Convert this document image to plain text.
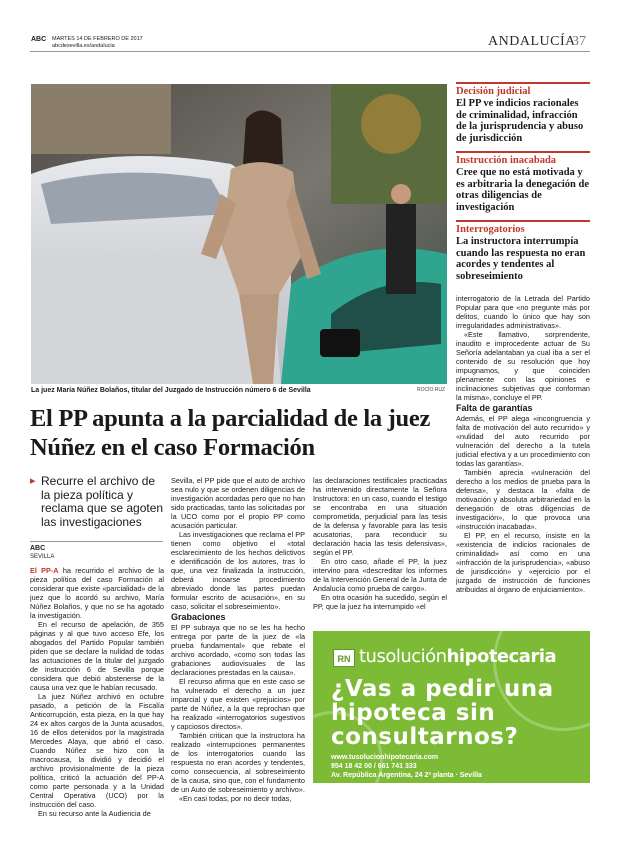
ABC MARTES 14 DE FEBRERO DE 2017
abcdesevilla.es/andalucia	ANDALUCÍA
37
La juez María Núñez Bolaños, titular del Juzgado de Instrucción número 6 de Sevilla	ROCÍO RUZ
Decisión judicial
El PP ve indicios racionales de criminalidad, infracción de la jurisprudencia y abuso de jurisdicción
Instrucción inacabada
Cree que no está motivada y es arbitraria la denegación de otras diligencias de investigación
Interrogatorios
La instructora interrumpía cuando las respuesta no eran acordes y tendentes al sobreseimiento
El PP apunta a la parcialidad de la juez Núñez en el caso Formación
▸ Recurre el archivo de la pieza política y reclama que se agoten las investigaciones
ABC
SEVILLA

El PP-A ha recurrido el archivo de la pieza política del caso Formación al considerar que existe «parcialidad» de la juez que lo acordó su archivo, María Núñez Bolaños, y que no se ha agotado la investigación.

En el recurso de apelación, de 355 páginas y al que tuvo acceso Efe, los abogados del Partido Popular también piden que se declare la nulidad de todas las actuaciones de la titular del juzgado de instrucción 6 de Sevilla porque considera que debió abstenerse de la causa una vez que le habían recusado.

La juez Núñez archivó en octubre pasado, a petición de la Fiscalía Anticorrupción, esta pieza, en la que hay 24 ex altos cargos de la Junta acusados, 16 de ellos detenidos por la magistrada Mercedes Alaya, que abrió el caso. Cuando Núñez se hizo con la macrocausa, la dividió y decidió el archivo provisionalmente de la pieza política, criticó la actuación del PP-A como parte personada y a la Unidad Central Operativa (UCO) por la instrucción del caso.

En su recurso ante la Audiencia de

Sevilla, el PP pide que el auto de archivo sea nulo y que se ordenen diligencias de investigación acordadas pero que no han sido practicadas, tanto las solicitadas por la UCO como por el propio PP como acusación particular.

Las investigaciones que reclama el PP tienen como objetivo el «total esclarecimiento de los hechos delictivos e identificación de los autores, tras lo que, una vez finalizada la instrucción, deberá incoarse procedimiento abreviado donde las partes puedan formular escrito de acusación», en su caso, solicitar el sobreseimiento».

Grabaciones

El PP subraya que no se les ha hecho entrega por parte de la juez de «la prueba fundamental» que rebate el archivo acordado, «como son todas las grabaciones audiovisuales de las declaraciones prestadas en la causa».

El recurso afirma que en este caso se ha vulnerado el derecho a un juez imparcial y que existen «prejuicios» por parte de Núñez, a la que reprochan que ha realizado «interrogatorios sugestivos y capciosos directos».

También critican que la instructora ha realizado «interrupciones permanentes de los interrogatorios cuando las respuesta no eran acordes y tendentes, como consecuencia, al sobreseimiento de la causa, sino que, con el fundamento de un Auto de sobreseimiento y archivo».

«En casi todas, por no decir todas,

las declaraciones testificales practicadas ha intervenido directamente la Señora Instructora: en un caso, cuando el testigo se encontraba en una situación comprometida, perjudicial para las tesis de la defensa y favorable para las tesis acusatorias, para reconducir su declaración hacia las tesis defensivas», según el PP.

En otro caso, añade el PP, la juez intervino para «descreditar los informes de la Intervención General de la Junta de Andalucía como prueba de cargo».

En otra ocasión ha sucedido, según el PP, que la juez ha interrumpido «el

interrogatorio de la Letrada del Partido Popular para que «no pregunte más por delitos, cuando lo único que hay son irregularidades administrativas».

«Este llamativo, sorprendente, inaudito e improcedente actuar de Su Señoría adelantaban ya cual iba a ser el contenido de su resolución que hoy impugnamos, y que coinciden plenamente con las opiniones e inclinaciones subjetivas que conforman la misma», concluye el PP.

Falta de garantías

Además, el PP alega «incongruencia y falta de motivación del auto recurrido» y «nulidad del auto recurrido por vulneración del derecho a la tutela judicial efectiva y a un procedimiento con todas las garantías».

También aprecia «vulneración del derecho a los medios de prueba para la defensa», y destaca la «falta de motivación y absoluta arbitrariedad en la denegación de otras diligencias de investigación», lo que provoca una «instrucción inacabada».

El PP, en el recurso, insiste en la «existencia de indicios racionales de criminalidad» así como en una «infracción de la jurisprudencia», «abuso de jurisdicción» y «ejercicio por el juzgado de instrucción de funciones atribuidas al órgano de enjuiciamiento».

RN tusoluciónhipotecaria
¿Vas a pedir una hipoteca sin consultarnos?
www.tusolucionhipotecaria.com
954 18 42 00 / 661 741 333
Av. República Argentina, 24 2ª planta · Sevilla
